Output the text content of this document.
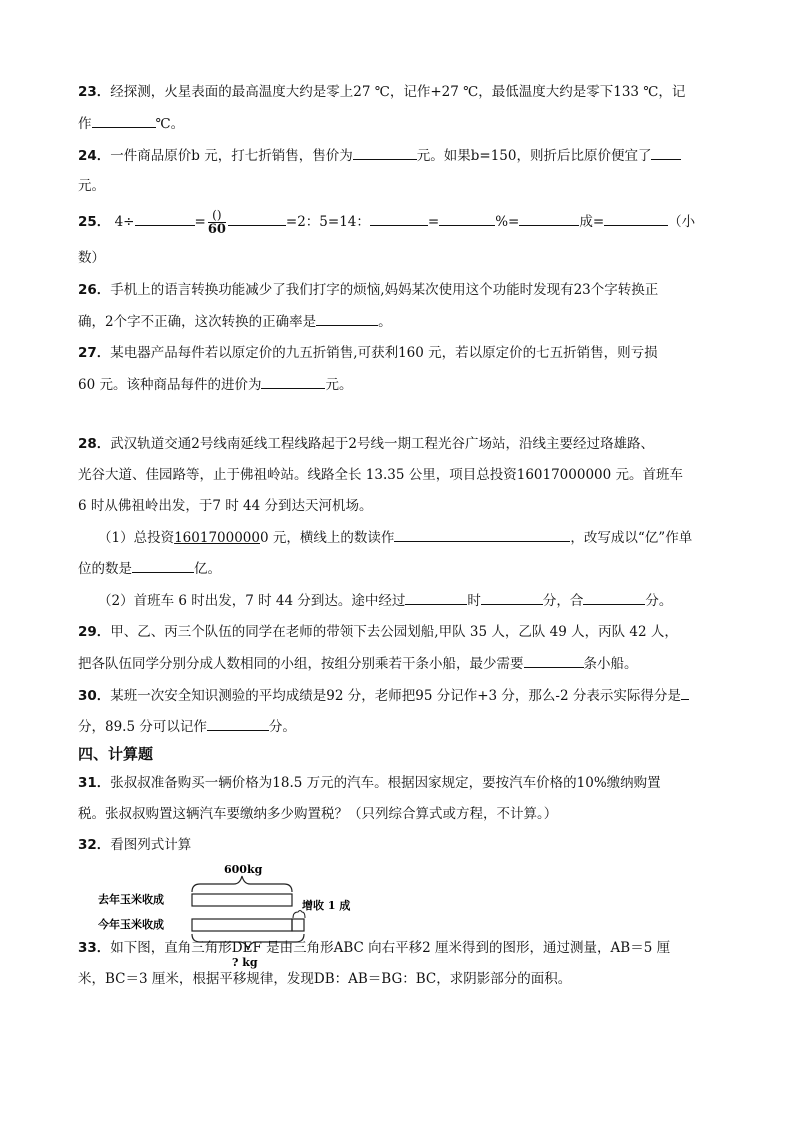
23．经探测，火星表面的最高温度大约是零上27 ℃，记作+27 ℃，最低温度大约是零下133 ℃，记
作	℃。
24．一件商品原价b 元，打七折销售，售价为	元。如果b=150，则折后比原价便宜了
元。
25． 4÷	= $\frac{()}{60}$	=2：5=14：	=	%=	成=	（小
数）
26．手机上的语言转换功能减少了我们打字的烦恼,妈妈某次使用这个功能时发现有23个字转换正
确，2个字不正确，这次转换的正确率是	。
27．某电器产品每件若以原定价的九五折销售,可获利160 元，若以原定价的七五折销售，则亏损
60 元。该种商品每件的进价为	元。
28．武汉轨道交通2号线南延线工程线路起于2号线一期工程光谷广场站，沿线主要经过珞雄路、
光谷大道、佳园路等，止于佛祖岭站。线路全长 13.35 公里，项目总投资16017000000 元。首班车
6 时从佛祖岭出发，于7 时 44 分到达天河机场。
（1）总投资16017000000 元，横线上的数读作	，改写成以“亿”作单
位的数是	亿。
（2）首班车 6 时出发，7 时 44 分到达。途中经过	时	分，合	分。
29．甲、乙、丙三个队伍的同学在老师的带领下去公园划船,甲队 35 人，乙队 49 人，丙队 42 人，
把各队伍同学分别分成人数相同的小组，按组分别乘若干条小船，最少需要	条小船。
30．某班一次安全知识测验的平均成绩是92 分，老师把95 分记作+3 分，那么-2 分表示实际得分是
分，89.5 分可以记作	分。
四、计算题
31．张叔叔准备购买一辆价格为18.5 万元的汽车。根据因家规定，要按汽车价格的10%缴纳购置
税。张叔叔购置这辆汽车要缴纳多少购置税？（只列综合算式或方程，不计算。）
32．看图列式计算
600kg
去年玉米收成
今年玉米收成
增收 1 成
? kg
33．如下图，直角三角形DEF 是由三角形ABC 向右平移2 厘米得到的图形，通过测量，AB＝5 厘
米，BC＝3 厘米，根据平移规律，发现DB：AB＝BG：BC，求阴影部分的面积。
